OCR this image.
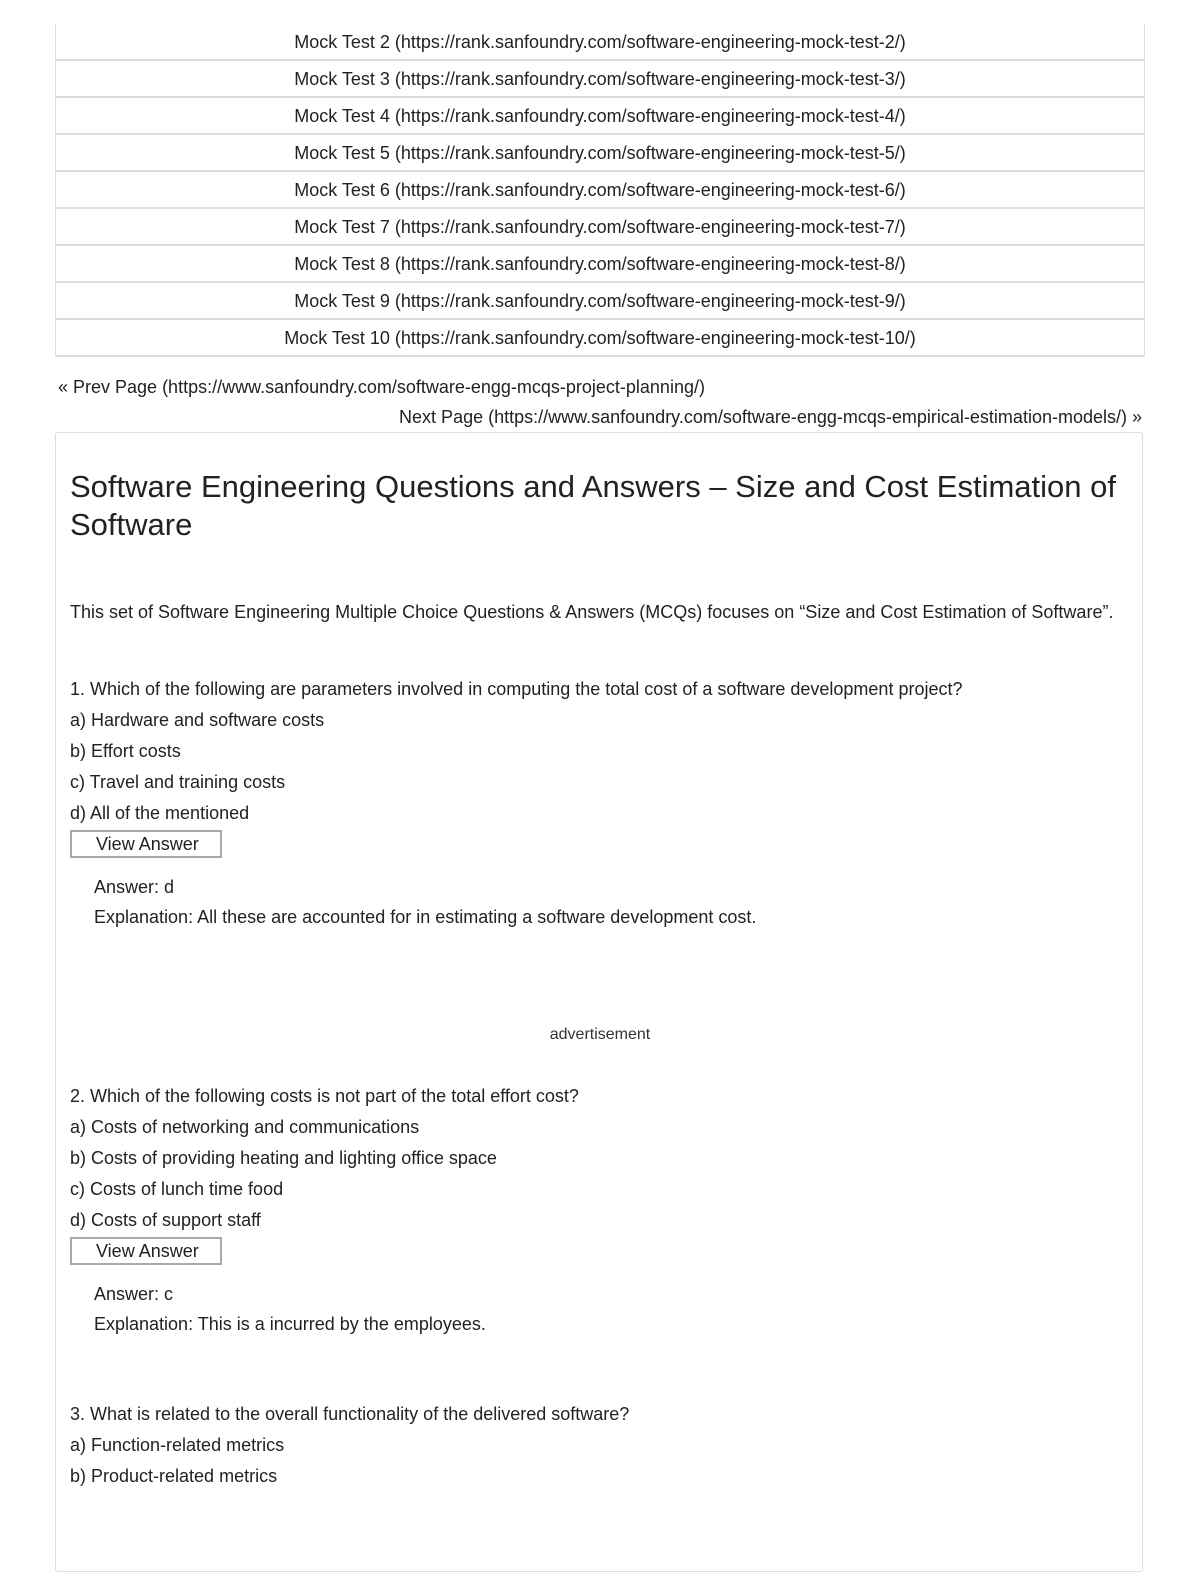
Mock Test 2 (https://rank.sanfoundry.com/software-engineering-mock-test-2/)
Mock Test 3 (https://rank.sanfoundry.com/software-engineering-mock-test-3/)
Mock Test 4 (https://rank.sanfoundry.com/software-engineering-mock-test-4/)
Mock Test 5 (https://rank.sanfoundry.com/software-engineering-mock-test-5/)
Mock Test 6 (https://rank.sanfoundry.com/software-engineering-mock-test-6/)
Mock Test 7 (https://rank.sanfoundry.com/software-engineering-mock-test-7/)
Mock Test 8 (https://rank.sanfoundry.com/software-engineering-mock-test-8/)
Mock Test 9 (https://rank.sanfoundry.com/software-engineering-mock-test-9/)
Mock Test 10 (https://rank.sanfoundry.com/software-engineering-mock-test-10/)
« Prev Page (https://www.sanfoundry.com/software-engg-mcqs-project-planning/)
Next Page (https://www.sanfoundry.com/software-engg-mcqs-empirical-estimation-models/) »
Software Engineering Questions and Answers – Size and Cost Estimation of Software
This set of Software Engineering Multiple Choice Questions & Answers (MCQs) focuses on “Size and Cost Estimation of Software”.

1. Which of the following are parameters involved in computing the total cost of a software development project?

a) Hardware and software costs

b) Effort costs

c) Travel and training costs

d) All of the mentioned

View Answer

Answer: d

Explanation: All these are accounted for in estimating a software development cost.

advertisement

2. Which of the following costs is not part of the total effort cost?

a) Costs of networking and communications

b) Costs of providing heating and lighting office space

c) Costs of lunch time food

d) Costs of support staff

View Answer

Answer: c

Explanation: This is a incurred by the employees.

3. What is related to the overall functionality of the delivered software?

a) Function-related metrics

b) Product-related metrics
